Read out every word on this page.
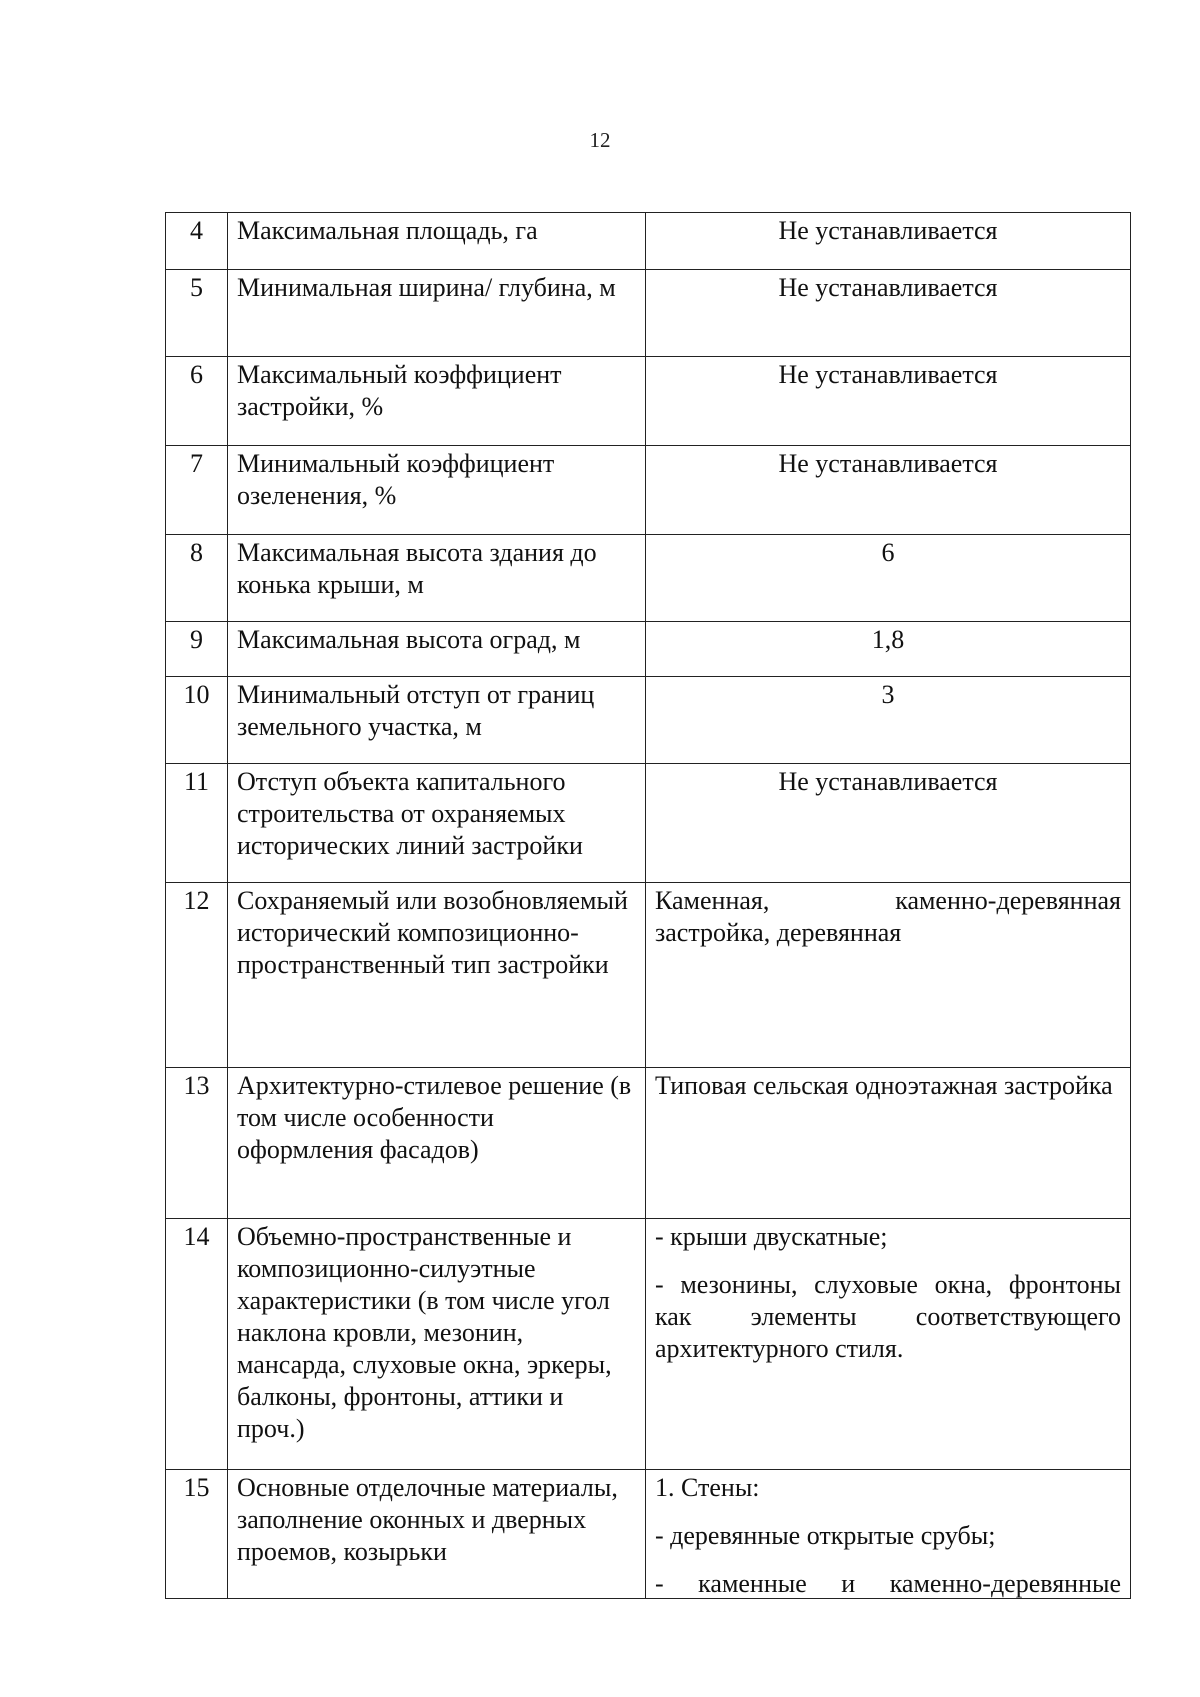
12
4	Максимальная площадь, га	Не устанавливается
5	Минимальная ширина/ глубина, м	Не устанавливается
6	Максимальный коэффициент застройки, %	Не устанавливается
7	Минимальный коэффициент озеленения, %	Не устанавливается
8	Максимальная высота здания до конька крыши, м	6
9	Максимальная высота оград, м	1,8
10	Минимальный отступ от границ земельного участка, м	3
11	Отступ объекта капитального строительства от охраняемых исторических линий застройки	Не устанавливается
12	Сохраняемый или возобновляемый исторический композиционно-пространственный тип застройки	Каменная, каменно-деревянная застройка, деревянная
13	Архитектурно-стилевое решение (в том числе особенности оформления фасадов)	Типовая сельская одноэтажная застройка
14	Объемно-пространственные и композиционно-силуэтные характеристики (в том числе угол наклона кровли, мезонин, мансарда, слуховые окна, эркеры, балконы, фронтоны, аттики и проч.)	- крыши двускатные;
- мезонины, слуховые окна, фронтоны как элементы соответствующего архитектурного стиля.

15	Основные отделочные материалы, заполнение оконных и дверных проемов, козырьки	1. Стены:
- деревянные открытые срубы;
- каменные и каменно-деревянные
